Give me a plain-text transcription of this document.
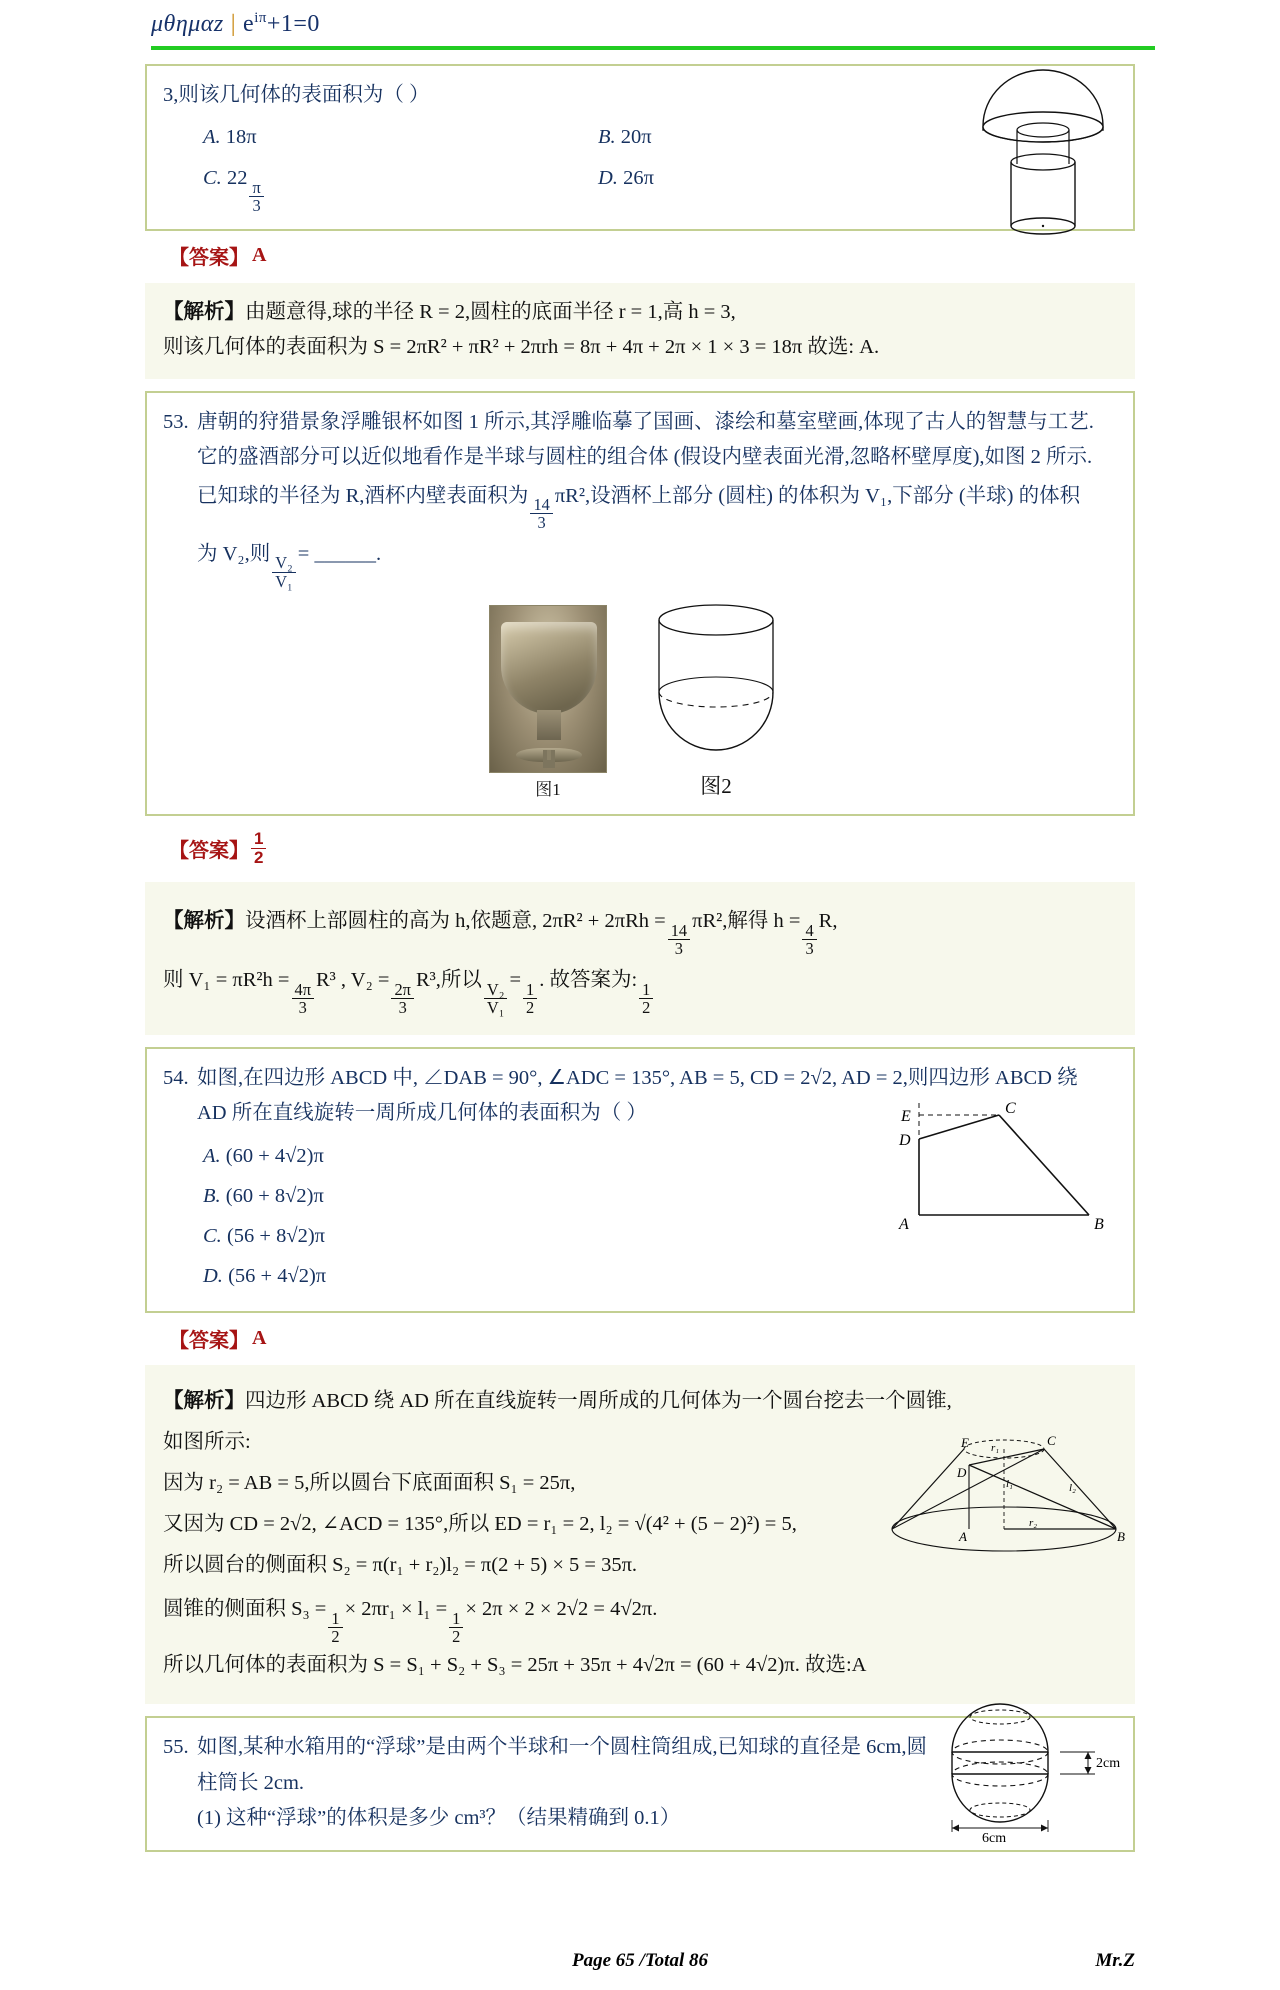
μθημαz | $e^{i\pi}+1=0$
3,则该几何体的表面积为（ ）
A. 18π	B. 20π
C. 22
$\frac{\pi}{3}$
D. 26π
【答案】 A
【解析】由题意得,球的半径 R = 2,圆柱的底面半径 r = 1,高 h = 3,
则该几何体的表面积为 S = 2πR² + πR² + 2πrh = 8π + 4π + 2π × 1 × 3 = 18π 故选: A.
53. 唐朝的狩猎景象浮雕银杯如图 1 所示,其浮雕临摹了国画、漆绘和墓室壁画,体现了古人的智慧与工艺.
它的盛酒部分可以近似地看作是半球与圆柱的组合体 (假设内壁表面光滑,忽略杯壁厚度),如图 2 所示.
已知球的半径为 R,酒杯内壁表面积为
$\frac{14}{3}$
πR²,设酒杯上部分 (圆柱) 的体积为 V₁,下部分 (半球) 的体积
为 V₂,则
$\frac{\text{V₂}}{\text{V₁}}$
= ______.
图1	图2
【答案】 $\frac{1}{2}$
【解析】设酒杯上部圆柱的高为 h,依题意, 2πR² + 2πRh =
$\frac{14}{3}$
πR²,解得 h =
$\frac{4}{3}$
R,
则 V₁ = πR²h =
$\frac{4\pi}{3}$
R³ , V₂ =
$\frac{2\pi}{3}$
R³,所以
$\frac{\text{V₂}}{\text{V₁}}$
=
$\frac{1}{2}$
. 故答案为:
$\frac{1}{2}$
54. 如图,在四边形 ABCD 中, ∠DAB = 90°, ∠ADC = 135°, AB = 5, CD = 2√2, AD = 2,则四边形 ABCD 绕
AD 所在直线旋转一周所成几何体的表面积为（ ）
A. (60 + 4√2)π
B. (60 + 8√2)π
C. (56 + 8√2)π
D. (56 + 4√2)π
E	C
D
A	B
【答案】 A
【解析】四边形 ABCD 绕 AD 所在直线旋转一周所成的几何体为一个圆台挖去一个圆锥,
如图所示:
因为 r₂ = AB = 5,所以圆台下底面面积 S₁ = 25π,
又因为 CD = 2√2, ∠ACD = 135°,所以 ED = r₁ = 2, l₂ = √(4² + (5 − 2)²) = 5,
所以圆台的侧面积 S₂ = π(r₁ + r₂)l₂ = π(2 + 5) × 5 = 35π.
圆锥的侧面积 S₃ =
$\frac{1}{2}$
× 2πr₁ × l₁ =
$\frac{1}{2}$
× 2π × 2 × 2√2 = 4√2π.
所以几何体的表面积为 S = S₁ + S₂ + S₃ = 25π + 35π + 4√2π = (60 + 4√2)π. 故选:A
E	C
D
A	B
r₁
l₁	l₂
r₂
55. 如图,某种水箱用的“浮球”是由两个半球和一个圆柱筒组成,已知球的直径是 6cm,圆
柱筒长 2cm.
(1) 这种“浮球”的体积是多少 cm³？（结果精确到 0.1）
2cm
6cm
Page 65 /Total 86	Mr.Z
